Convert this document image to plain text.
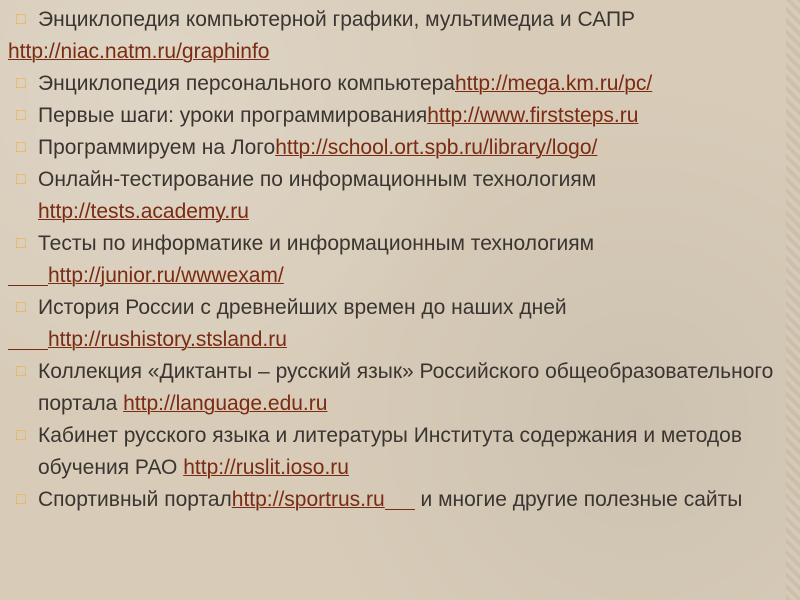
□ Энциклопедия компьютерной графики, мультимедиа и САПР
http://niac.natm.ru/graphinfo
□ Энциклопедия персонального компьютераhttp://mega.km.ru/pc/
□ Первые шаги: уроки программированияhttp://www.firststeps.ru
□ Программируем на Логоhttp://school.ort.spb.ru/library/logo/
□ Онлайн-тестирование по информационным технологиям
http://tests.academy.ru
□ Тесты по информатике и информационным технологиям
http://junior.ru/wwwexam/
□ История России с древнейших времен до наших дней
http://rushistory.stsland.ru
□ Коллекция «Диктанты – русский язык» Российского общеобразовательного портала http://language.edu.ru
□ Кабинет русского языка и литературы Института содержания и методов обучения РАО http://ruslit.ioso.ru
□ Спортивный порталhttp://sportrus.ru и многие другие полезные сайты
